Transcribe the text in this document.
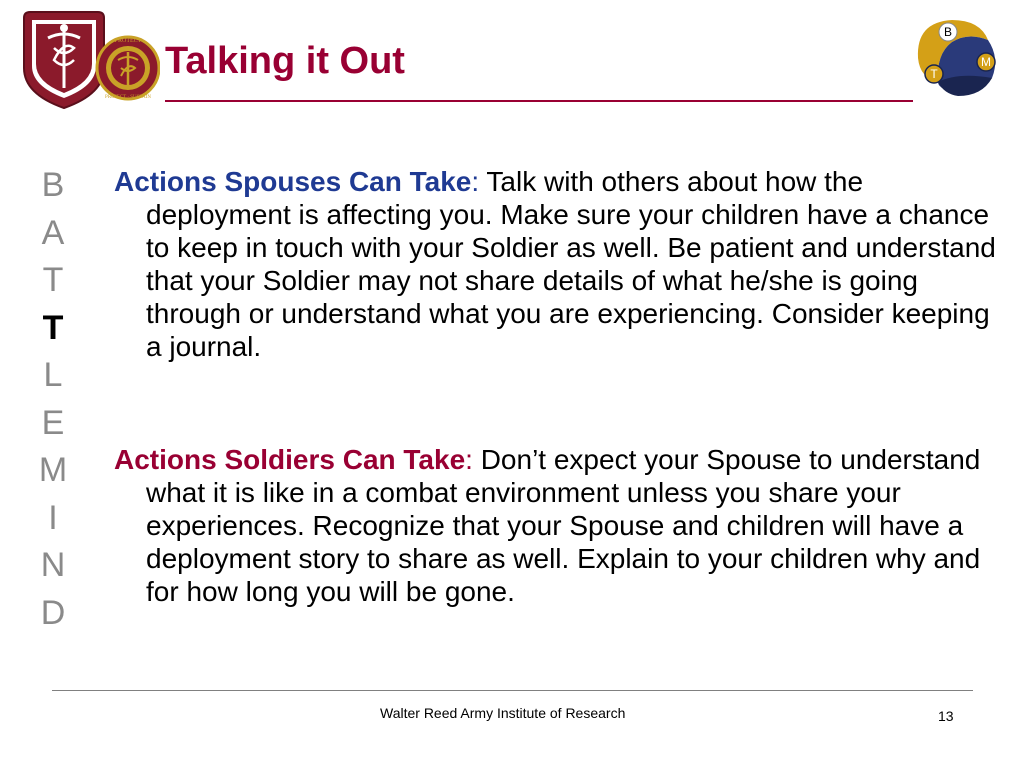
PROTECT
PROJECT · SUSTAIN
Talking it Out
B
T
M
B
A
T
T
L
E
M
I
N
D

Actions Spouses Can Take: Talk with others about how the deployment is affecting you. Make sure your children have a chance to keep in touch with your Soldier as well. Be patient and understand that your Soldier may not share details of what he/she is going through or understand what you are experiencing. Consider keeping a journal.

Actions Soldiers Can Take: Don’t expect your Spouse to understand what it is like in a combat environment unless you share your experiences. Recognize that your Spouse and children will have a deployment story to share as well. Explain to your children why and for how long you will be gone.

Walter Reed Army Institute of Research	13
